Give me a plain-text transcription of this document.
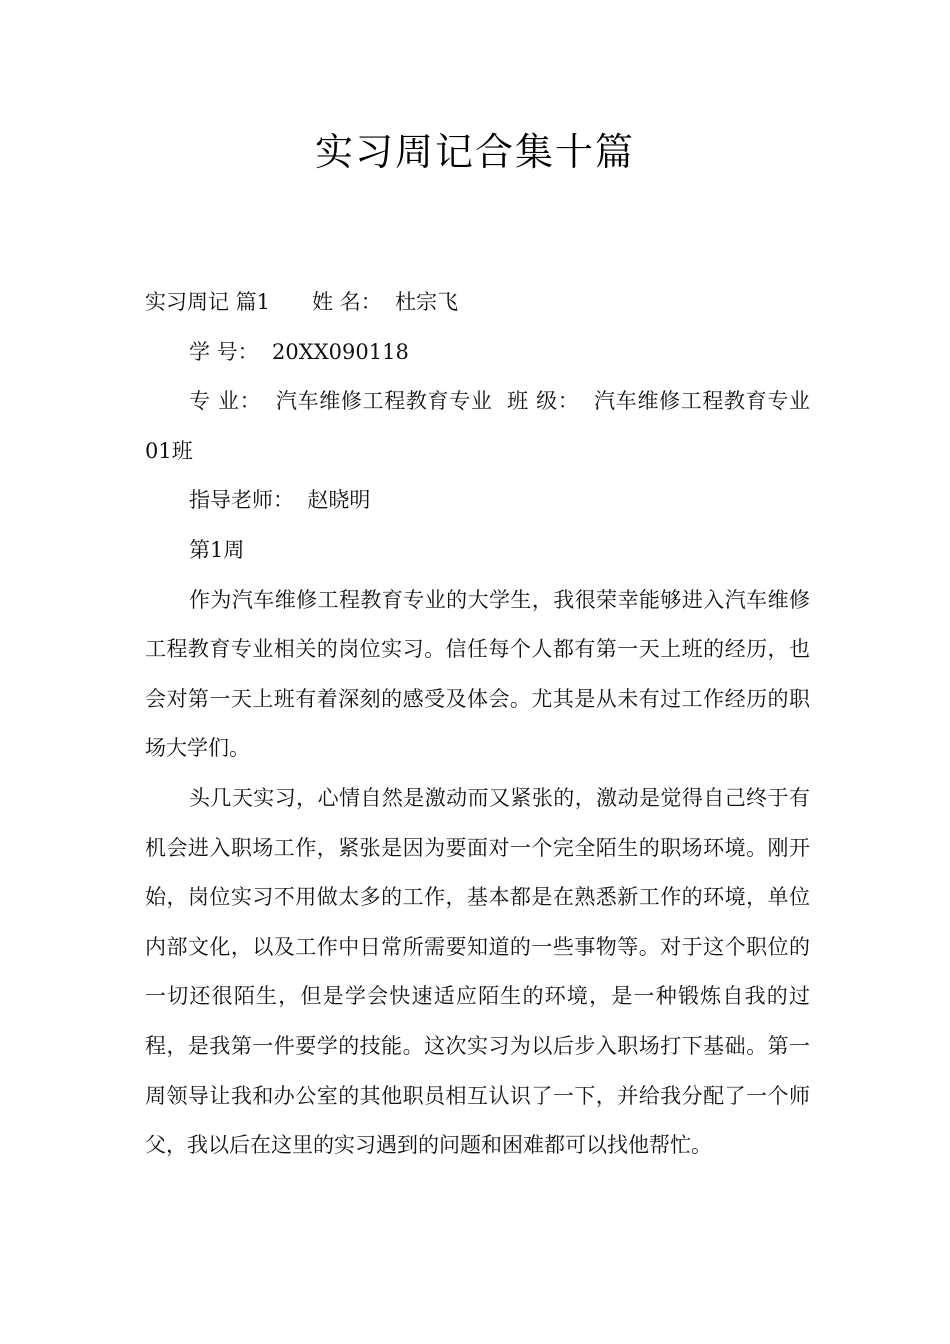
实习周记合集十篇

实习周记 篇1 姓 名： 杜宗飞

学 号： 20XX090118

专 业： 汽车维修工程教育专业 班 级： 汽车维修工程教育专业01班

指导老师： 赵晓明

第1周

作为汽车维修工程教育专业的大学生，我很荣幸能够进入汽车维修工程教育专业相关的岗位实习。信任每个人都有第一天上班的经历，也会对第一天上班有着深刻的感受及体会。尤其是从未有过工作经历的职场大学们。

头几天实习，心情自然是激动而又紧张的，激动是觉得自己终于有机会进入职场工作，紧张是因为要面对一个完全陌生的职场环境。刚开始，岗位实习不用做太多的工作，基本都是在熟悉新工作的环境，单位内部文化，以及工作中日常所需要知道的一些事物等。对于这个职位的一切还很陌生，但是学会快速适应陌生的环境，是一种锻炼自我的过程，是我第一件要学的技能。这次实习为以后步入职场打下基础。第一周领导让我和办公室的其他职员相互认识了一下，并给我分配了一个师父，我以后在这里的实习遇到的问题和困难都可以找他帮忙。
